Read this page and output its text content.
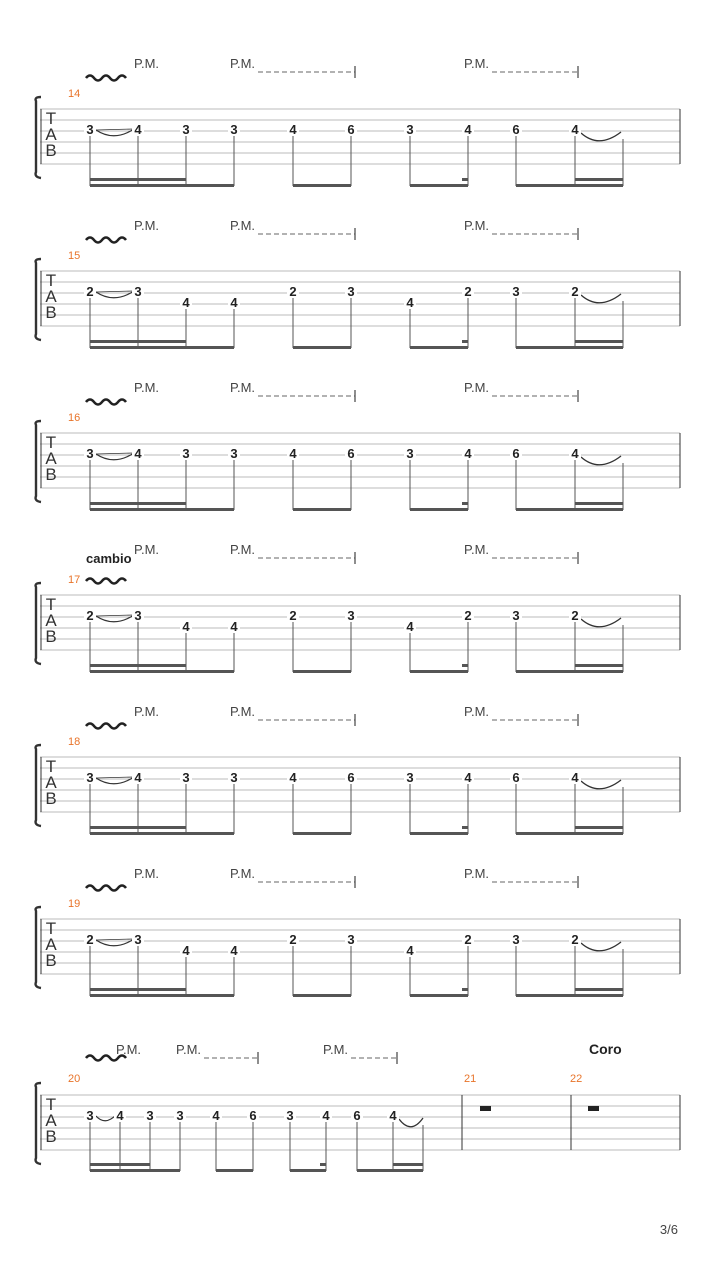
P.M.	P.M.	P.M.
14
T
A
B
3	4	3	3	4	6	3	4	6	4
P.M.	P.M.	P.M.
15
T
A
B
2	3
4	4
2	3
4
2	3	2
P.M.	P.M.	P.M.
16
T
A
B
3	4	3	3	4	6	3	4	6	4
cambio
P.M.	P.M.	P.M.
17
T
A
B
2	3
4	4
2	3
4
2	3	2
P.M.	P.M.	P.M.
18
T
A
B
3	4	3	3	4	6	3	4	6	4
P.M.	P.M.	P.M.
19
T
A
B
2	3
4	4
2	3
4
2	3	2
P.M.	P.M.	P.M.	Coro
20	21	22
T
A
B
3 4 3 3 4 6 3 4 6 4
3/6
